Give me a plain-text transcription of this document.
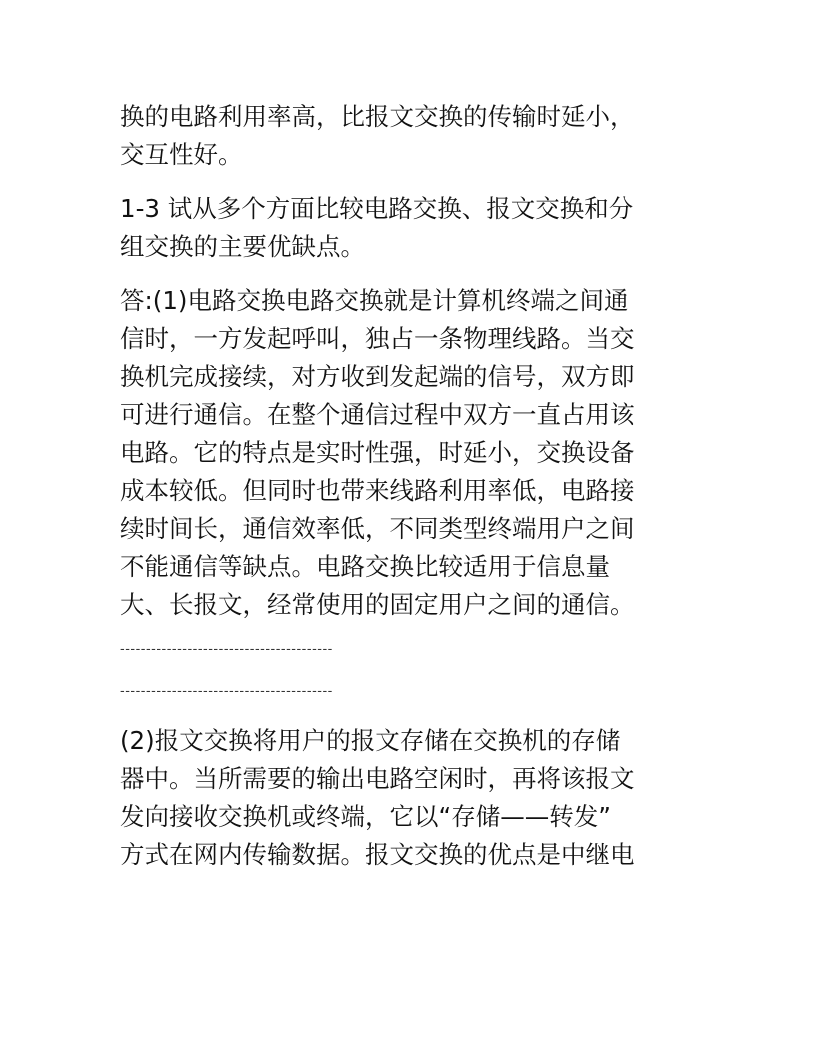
换的电路利用率高，比报文交换的传输时延小，
交互性好。

1-3 试从多个方面比较电路交换、报文交换和分
组交换的主要优缺点。

答:(1)电路交换电路交换就是计算机终端之间通
信时，一方发起呼叫，独占一条物理线路。当交
换机完成接续，对方收到发起端的信号，双方即
可进行通信。在整个通信过程中双方一直占用该
电路。它的特点是实时性强，时延小，交换设备
成本较低。但同时也带来线路利用率低，电路接
续时间长，通信效率低，不同类型终端用户之间
不能通信等缺点。电路交换比较适用于信息量
大、长报文，经常使用的固定用户之间的通信。

-----------------------------------------
-----------------------------------------

(2)报文交换将用户的报文存储在交换机的存储
器中。当所需要的输出电路空闲时，再将该报文
发向接收交换机或终端，它以“存储——转发”
方式在网内传输数据。报文交换的优点是中继电
